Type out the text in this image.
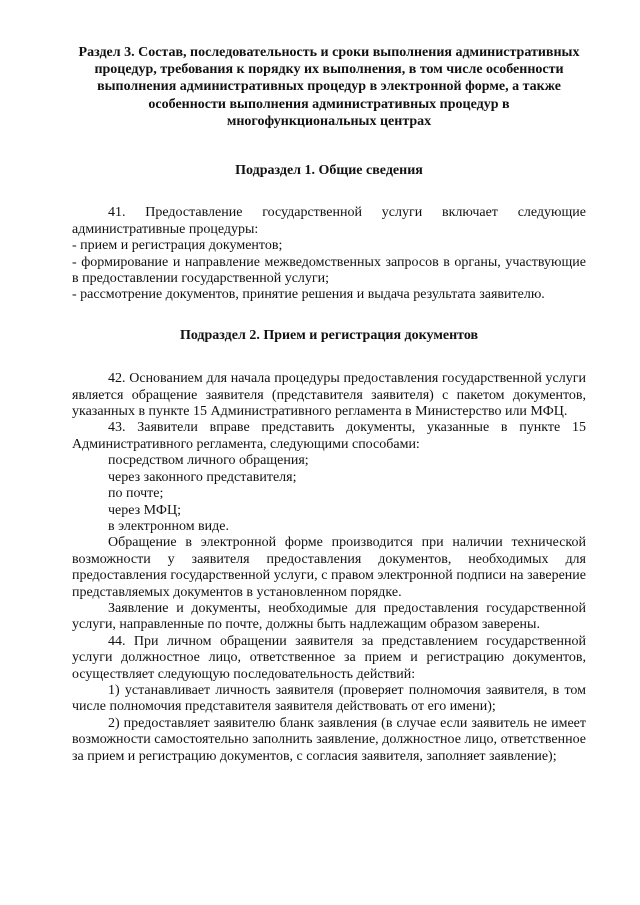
Раздел 3. Состав, последовательность и сроки выполнения административных процедур, требования к порядку их выполнения, в том числе особенности выполнения административных процедур в электронной форме, а также особенности выполнения административных процедур в многофункциональных центрах

Подраздел 1. Общие сведения

41. Предоставление государственной услуги включает следующие административные процедуры:

- прием и регистрация документов;

- формирование и направление межведомственных запросов в органы, участвующие в предоставлении государственной услуги;

- рассмотрение документов, принятие решения и выдача результата заявителю.

Подраздел 2. Прием и регистрация документов

42. Основанием для начала процедуры предоставления государственной услуги является обращение заявителя (представителя заявителя) с пакетом документов, указанных в пункте 15 Административного регламента в Министерство или МФЦ.

43. Заявители вправе представить документы, указанные в пункте 15 Административного регламента, следующими способами:

посредством личного обращения;

через законного представителя;

по почте;

через МФЦ;

в электронном виде.

Обращение в электронной форме производится при наличии технической возможности у заявителя предоставления документов, необходимых для предоставления государственной услуги, с правом электронной подписи на заверение представляемых документов в установленном порядке.

Заявление и документы, необходимые для предоставления государственной услуги, направленные по почте, должны быть надлежащим образом заверены.

44. При личном обращении заявителя за представлением государственной услуги должностное лицо, ответственное за прием и регистрацию документов, осуществляет следующую последовательность действий:

1) устанавливает личность заявителя (проверяет полномочия заявителя, в том числе полномочия представителя заявителя действовать от его имени);

2) предоставляет заявителю бланк заявления (в случае если заявитель не имеет возможности самостоятельно заполнить заявление, должностное лицо, ответственное за прием и регистрацию документов, с согласия заявителя, заполняет заявление);
